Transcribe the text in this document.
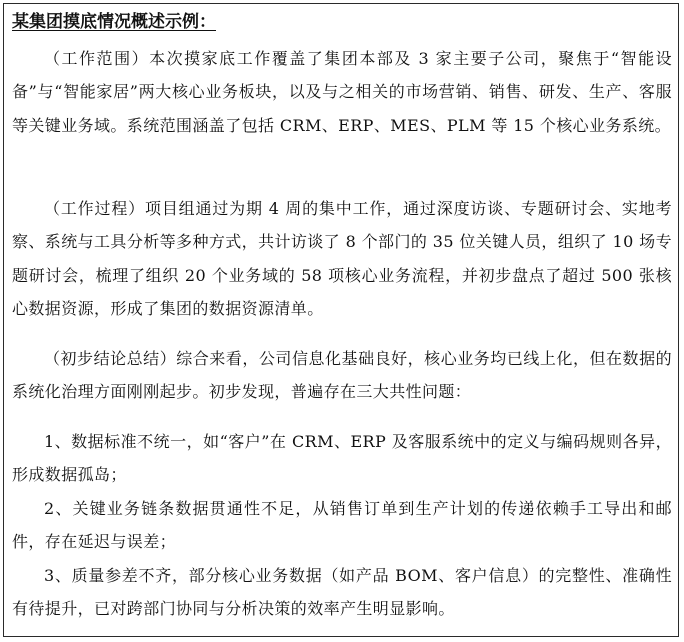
某集团摸底情况概述示例：

（工作范围）本次摸家底工作覆盖了集团本部及 3 家主要子公司，聚焦于“智能设备”与“智能家居”两大核心业务板块，以及与之相关的市场营销、销售、研发、生产、客服等关键业务域。系统范围涵盖了包括 CRM、ERP、MES、PLM 等 15 个核心业务系统。

（工作过程）项目组通过为期 4 周的集中工作，通过深度访谈、专题研讨会、实地考察、系统与工具分析等多种方式，共计访谈了 8 个部门的 35 位关键人员，组织了 10 场专题研讨会，梳理了组织 20 个业务域的 58 项核心业务流程，并初步盘点了超过 500 张核心数据资源，形成了集团的数据资源清单。

（初步结论总结）综合来看，公司信息化基础良好，核心业务均已线上化，但在数据的系统化治理方面刚刚起步。初步发现，普遍存在三大共性问题：

1、数据标准不统一，如“客户”在 CRM、ERP 及客服系统中的定义与编码规则各异，形成数据孤岛；

2、关键业务链条数据贯通性不足，从销售订单到生产计划的传递依赖手工导出和邮件，存在延迟与误差；

3、质量参差不齐，部分核心业务数据（如产品 BOM、客户信息）的完整性、准确性有待提升，已对跨部门协同与分析决策的效率产生明显影响。
